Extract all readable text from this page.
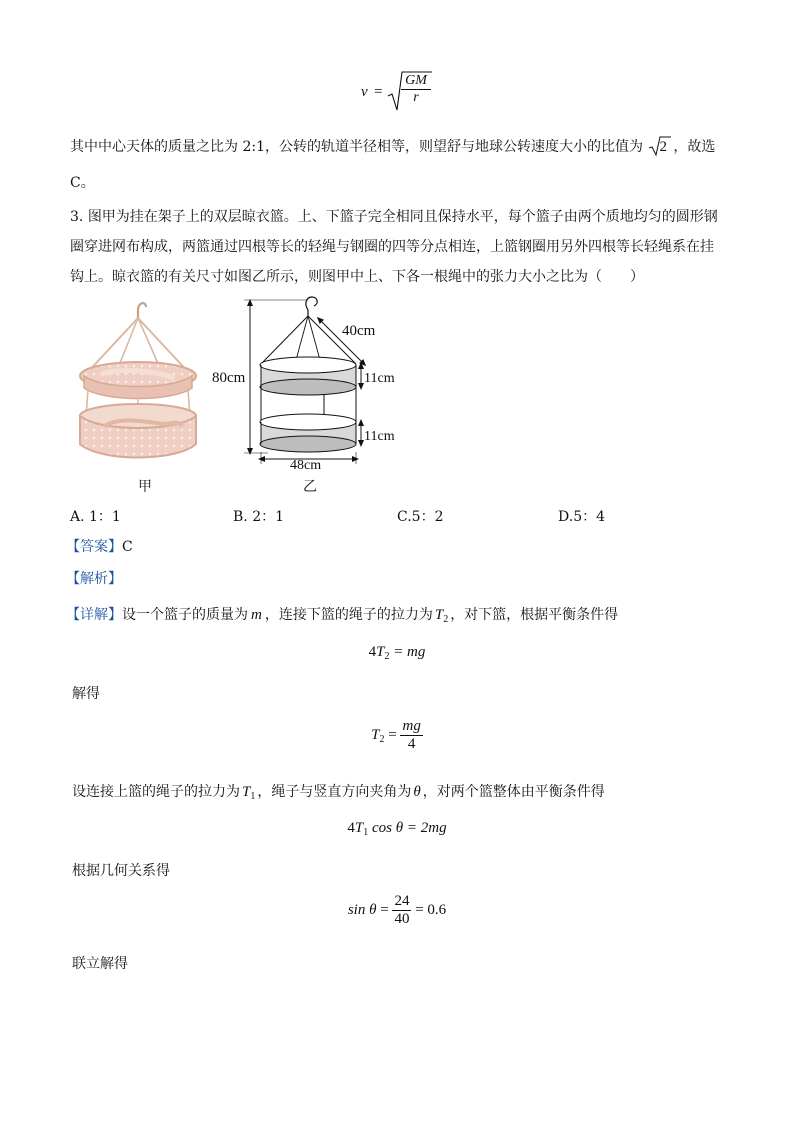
$v = \frac{GM}{r}$
其中中心天体的质量之比为 2:1，公转的轨道半径相等，则望舒与地球公转速度大小的比值为 2 ，故选
C。
3. 图甲为挂在架子上的双层晾衣篮。上、下篮子完全相同且保持水平，每个篮子由两个质地均匀的圆形钢
圈穿进网布构成，两篮通过四根等长的轻绳与钢圈的四等分点相连，上篮钢圈用另外四根等长轻绳系在挂
钩上。晾衣篮的有关尺寸如图乙所示，则图甲中上、下各一根绳中的张力大小之比为（　　）
40cm
80cm	11cm
11cm
48cm
甲	乙
A. 1：1	B. 2：1	C.5：2	D.5：4
【答案】C
【解析】
【详解】设一个篮子的质量为 m ，连接下篮的绳子的拉力为 $T_2$ ，对下篮，根据平衡条件得
$4T_2$ = mg
解得
$T_2 = \frac{mg}{4}$
设连接上篮的绳子的拉力为 $T_1$ ，绳子与竖直方向夹角为 θ ，对两个篮整体由平衡条件得
$4T_1$ cos θ = 2mg
根据几何关系得
$\sin \theta = \frac{24}{40} = 0.6$
联立解得
